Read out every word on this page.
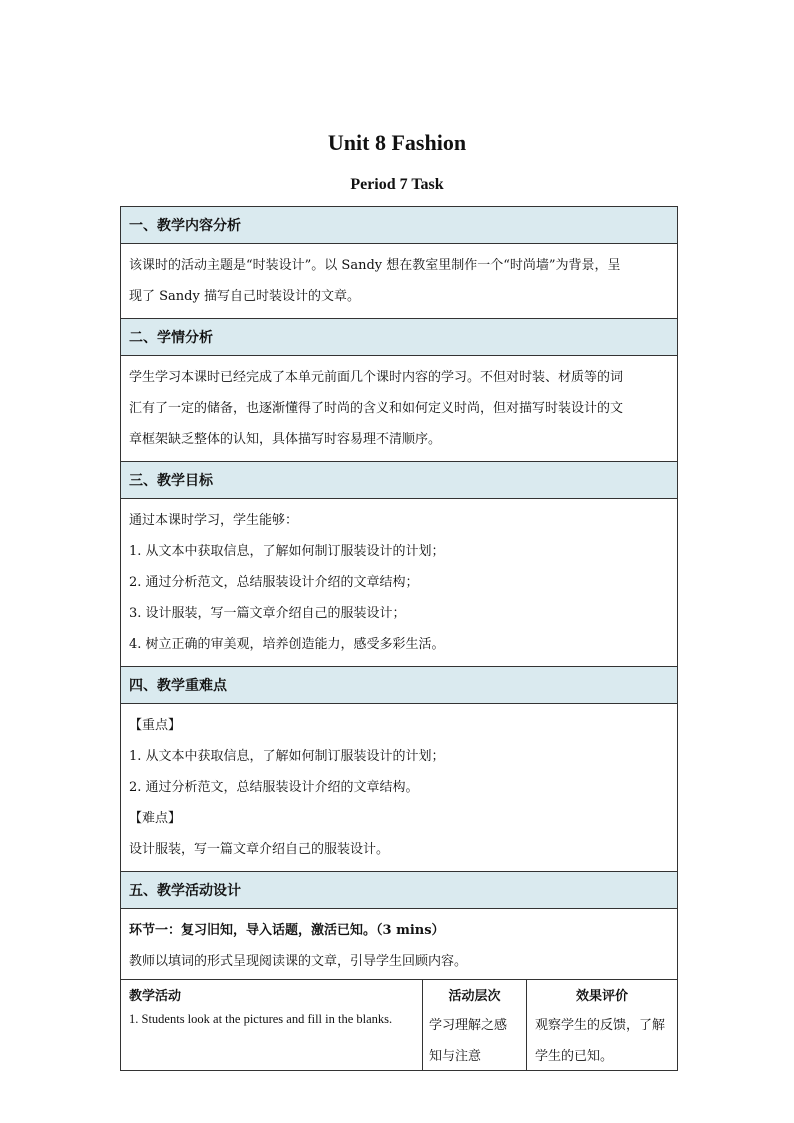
Unit 8 Fashion
Period 7 Task
一、教学内容分析
该课时的活动主题是“时装设计”。以 Sandy 想在教室里制作一个“时尚墙”为背景，呈
现了 Sandy 描写自己时装设计的文章。
二、学情分析
学生学习本课时已经完成了本单元前面几个课时内容的学习。不但对时装、材质等的词
汇有了一定的储备，也逐渐懂得了时尚的含义和如何定义时尚，但对描写时装设计的文
章框架缺乏整体的认知，具体描写时容易理不清顺序。
三、教学目标
通过本课时学习，学生能够：
1. 从文本中获取信息，了解如何制订服装设计的计划；
2. 通过分析范文，总结服装设计介绍的文章结构；
3. 设计服装，写一篇文章介绍自己的服装设计；
4. 树立正确的审美观，培养创造能力，感受多彩生活。
四、教学重难点
【重点】
1. 从文本中获取信息，了解如何制订服装设计的计划；
2. 通过分析范文，总结服装设计介绍的文章结构。
【难点】
设计服装，写一篇文章介绍自己的服装设计。
五、教学活动设计
环节一：复习旧知，导入话题，激活已知。（3 mins）
教师以填词的形式呈现阅读课的文章，引导学生回顾内容。
教学活动
1. Students look at the pictures and fill in the blanks.
活动层次
学习理解之感
知与注意
效果评价
观察学生的反馈，了解
学生的已知。
